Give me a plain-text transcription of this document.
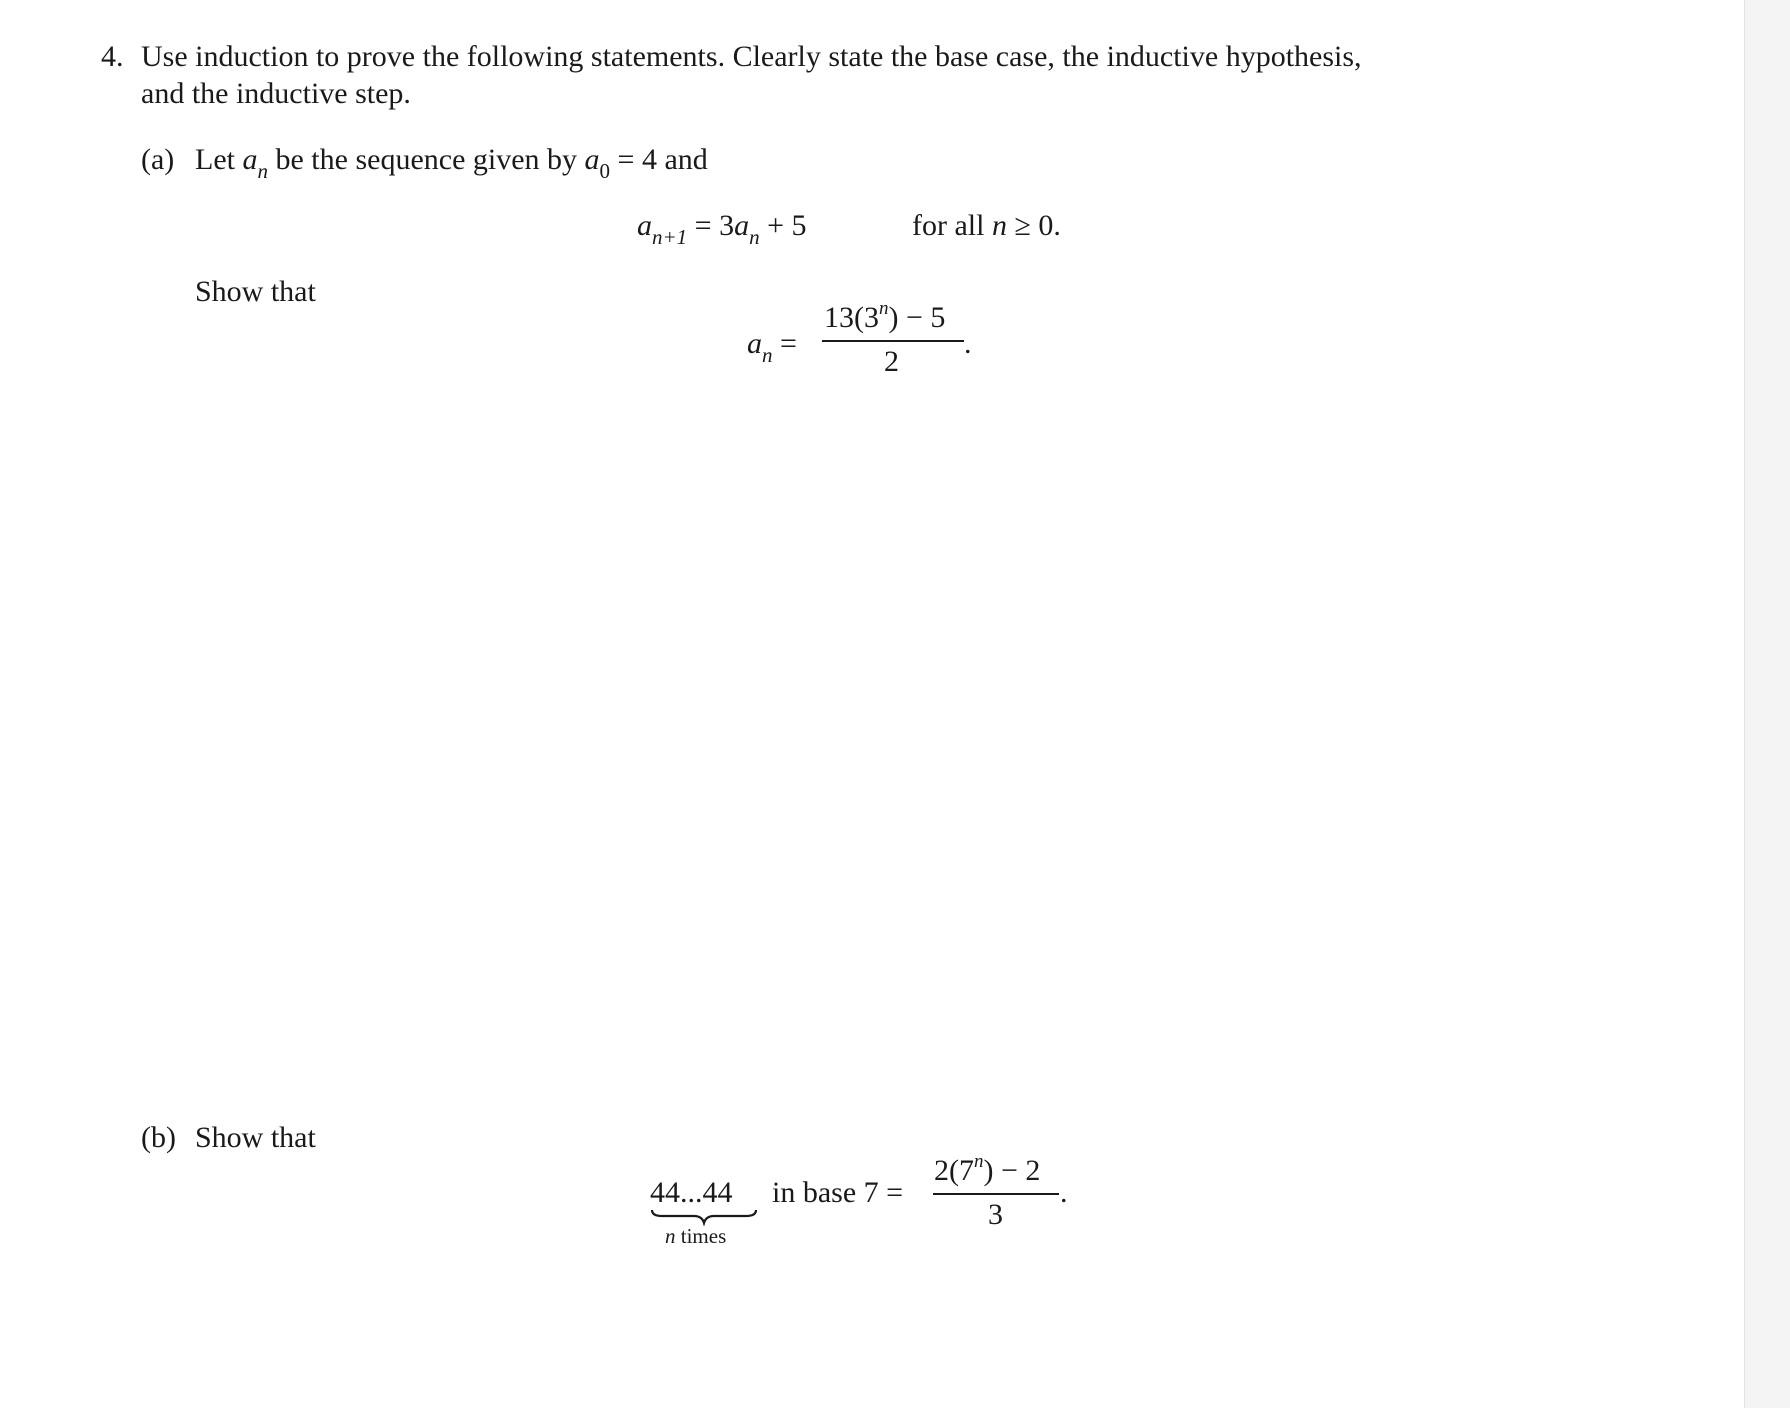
4. Use induction to prove the following statements. Clearly state the base case, the inductive hypothesis,
and the inductive step.
(a) Let $a_n$ be the sequence given by $a_0 = 4$ and
$a_{n+1} = 3a_n + 5$	for all n ≥ 0.
Show that
$a_n$ =
$13(3^n) - 5$
2
.
(b) Show that
44...44
n times
in base 7 =
$2(7^n) - 2$
3
.
